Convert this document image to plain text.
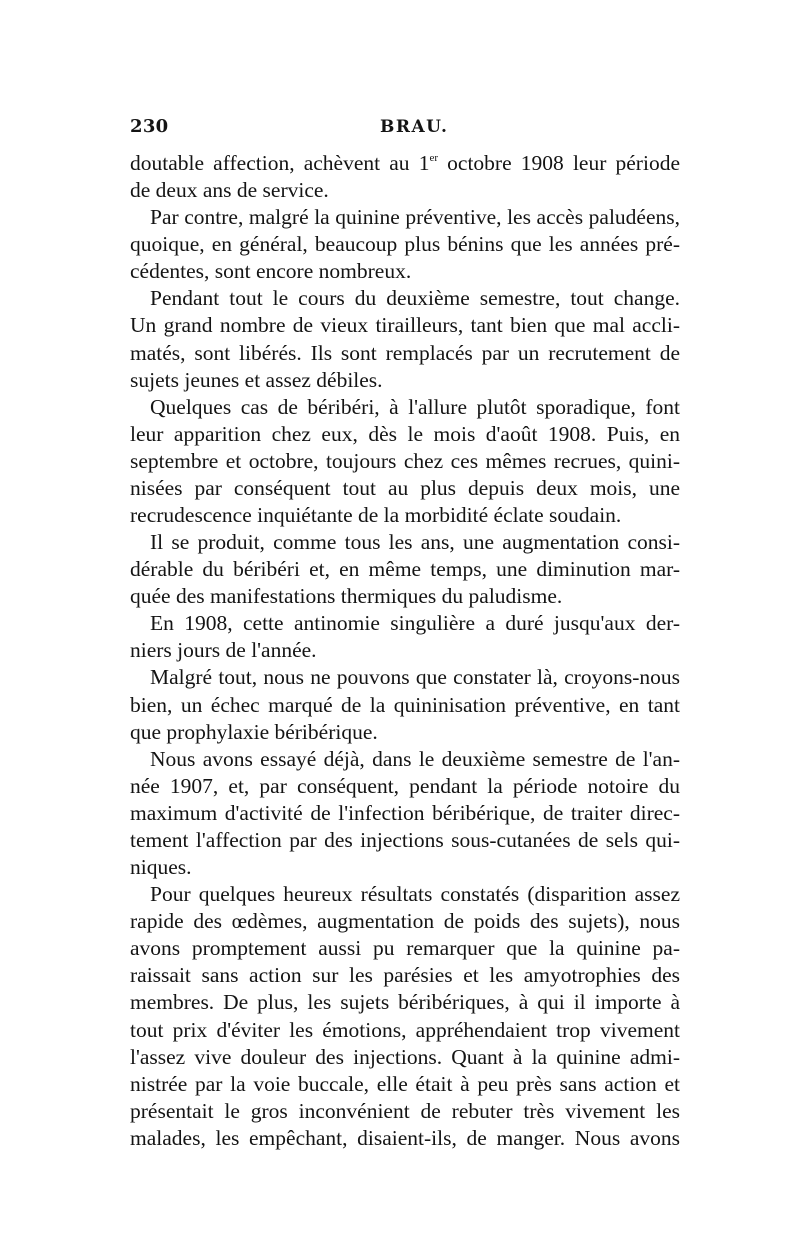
230	BRAU.
doutable affection, achèvent au 1er octobre 1908 leur période
de deux ans de service.
Par contre, malgré la quinine préventive, les accès paludéens,
quoique, en général, beaucoup plus bénins que les années pré-
cédentes, sont encore nombreux.
Pendant tout le cours du deuxième semestre, tout change.
Un grand nombre de vieux tirailleurs, tant bien que mal accli-
matés, sont libérés. Ils sont remplacés par un recrutement de
sujets jeunes et assez débiles.
Quelques cas de béribéri, à l'allure plutôt sporadique, font
leur apparition chez eux, dès le mois d'août 1908. Puis, en
septembre et octobre, toujours chez ces mêmes recrues, quini-
nisées par conséquent tout au plus depuis deux mois, une
recrudescence inquiétante de la morbidité éclate soudain.
Il se produit, comme tous les ans, une augmentation consi-
dérable du béribéri et, en même temps, une diminution mar-
quée des manifestations thermiques du paludisme.
En 1908, cette antinomie singulière a duré jusqu'aux der-
niers jours de l'année.
Malgré tout, nous ne pouvons que constater là, croyons-nous
bien, un échec marqué de la quininisation préventive, en tant
que prophylaxie béribérique.
Nous avons essayé déjà, dans le deuxième semestre de l'an-
née 1907, et, par conséquent, pendant la période notoire du
maximum d'activité de l'infection béribérique, de traiter direc-
tement l'affection par des injections sous-cutanées de sels qui-
niques.
Pour quelques heureux résultats constatés (disparition assez
rapide des œdèmes, augmentation de poids des sujets), nous
avons promptement aussi pu remarquer que la quinine pa-
raissait sans action sur les parésies et les amyotrophies des
membres. De plus, les sujets béribériques, à qui il importe à
tout prix d'éviter les émotions, appréhendaient trop vivement
l'assez vive douleur des injections. Quant à la quinine admi-
nistrée par la voie buccale, elle était à peu près sans action et
présentait le gros inconvénient de rebuter très vivement les
malades, les empêchant, disaient-ils, de manger. Nous avons
